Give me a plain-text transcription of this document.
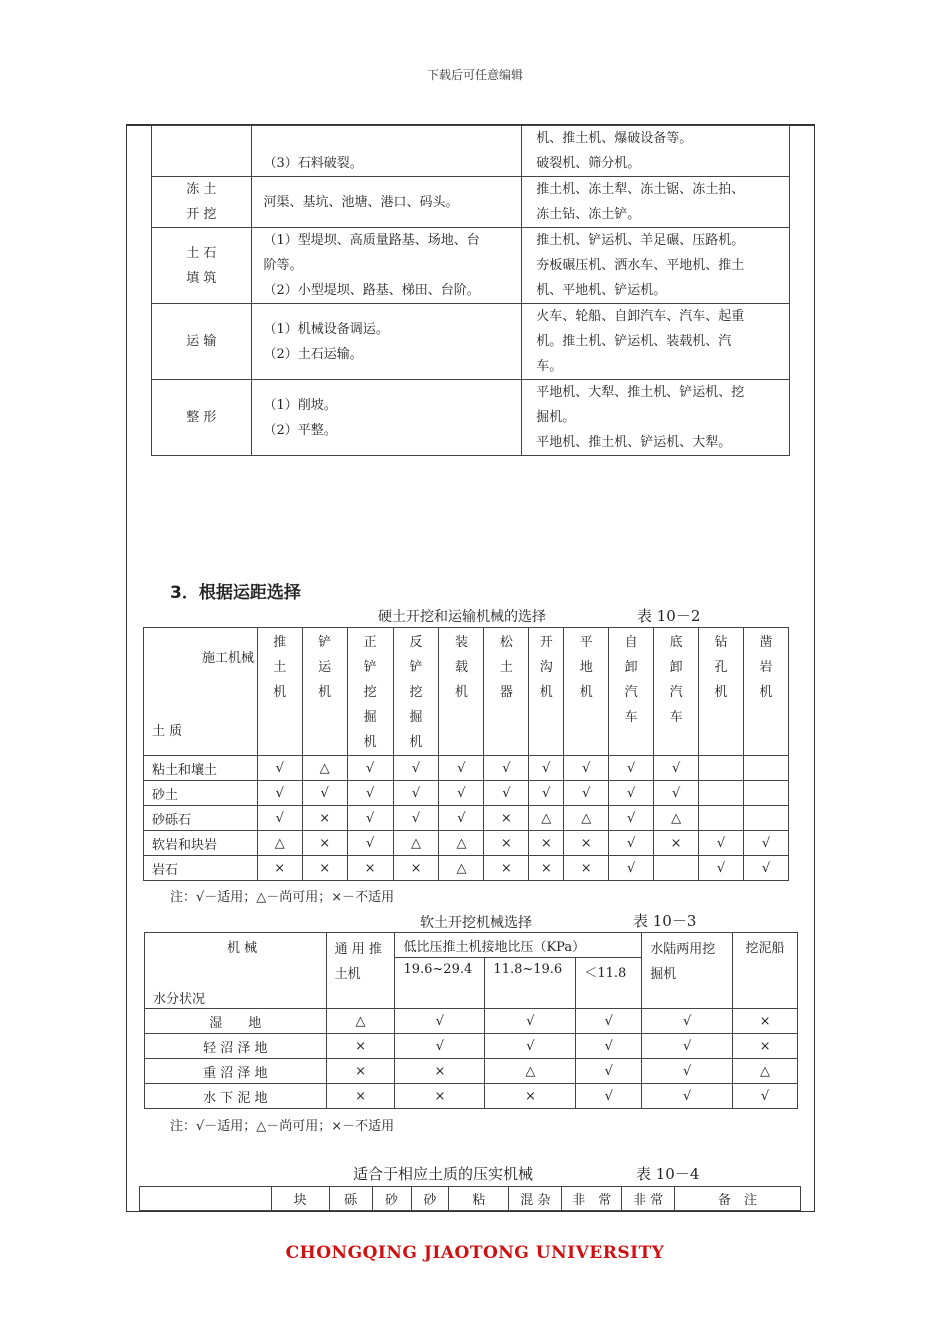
下载后可任意编辑

	（3）石料破裂。	机、推土机、爆破设备等。
破裂机、筛分机。

冻 土
开 挖	河渠、基坑、池塘、港口、码头。	推土机、冻土犁、冻土锯、冻土拍、
冻土钻、冻土铲。

土 石
填 筑	（1）型堤坝、高质量路基、场地、台
阶等。
（2）小型堤坝、路基、梯田、台阶。	推土机、铲运机、羊足碾、压路机。
夯板碾压机、洒水车、平地机、推土
机、平地机、铲运机。

运 输	（1）机械设备调运。
（2）土石运输。	火车、轮船、自卸汽车、汽车、起重
机。推土机、铲运机、装载机、汽
车。

整 形	（1）削坡。
（2）平整。	平地机、大犁、推土机、铲运机、挖
掘机。
平地机、推土机、铲运机、大犁。
3．根据运距选择
硬土开挖和运输机械的选择	表 10－2
施工机械
土 质	推土机	铲运机	正铲挖掘机	反铲挖掘机	装载机	松土器	开沟机	平地机	自卸汽车	底卸汽车	钻孔机	凿岩机

粘土和壤土	√	△	√	√	√	√	√	√	√	√		
砂土	√	√	√	√	√	√	√	√	√	√		
砂砾石	√	×	√	√	√	×	△	△	√	△		
软岩和块岩	△	×	√	△	△	×	×	×	√	×	√	√
岩石	×	×	×	×	△	×	×	×	√		√	√
注：√－适用；△－尚可用；×－不适用
软土开挖机械选择	表 10－3
机 械
水分状况	通 用 推土机	低比压推土机接地比压（KPa）			水陆两用挖掘机	挖泥船
		19.6~29.4	11.8~19.6	＜11.8		
湿　　地	△	√	√	√	√	×
轻 沼 泽 地	×	√	√	√	√	×
重 沼 泽 地	×	×	△	√	√	△
水 下 泥 地	×	×	×	√	√	√
注：√－适用；△－尚可用；×－不适用
适合于相应土质的压实机械	表 10－4
	块	砾	砂	砂	粘	混 杂	非　常	非 常	备　注
CHONGQING JIAOTONG UNIVERSITY
